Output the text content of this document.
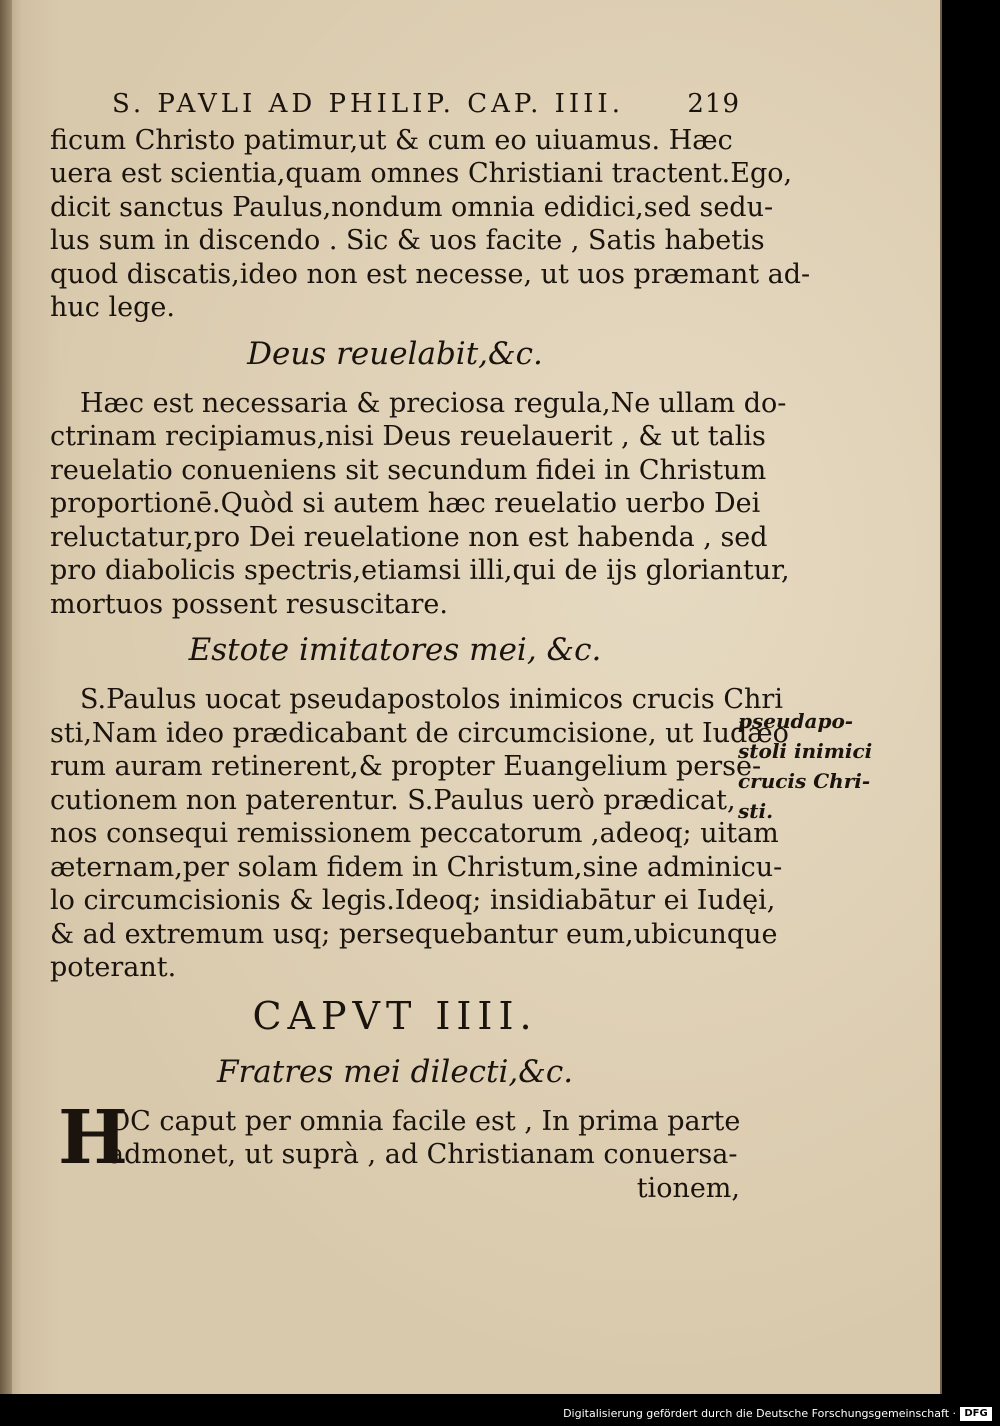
S. PAVLI AD PHILIP. CAP. IIII. 219
ficum Christo patimur,ut & cum eo uiuamus. Hæc
uera est scientia,quam omnes Christiani tractent.Ego,
dicit sanctus Paulus,nondum omnia edidici,sed sedu-
lus sum in discendo . Sic & uos facite , Satis habetis
quod discatis,ideo non est necesse, ut uos præmant ad-
huc lege.
Deus reuelabit,&c.
Hæc est necessaria & preciosa regula,Ne ullam do-
ctrinam recipiamus,nisi Deus reuelauerit , & ut talis
reuelatio conueniens sit secundum fidei in Christum
proportionē.Quòd si autem hæc reuelatio uerbo Dei
reluctatur,pro Dei reuelatione non est habenda , sed
pro diabolicis spectris,etiamsi illi,qui de ijs gloriantur,
mortuos possent resuscitare.
Estote imitatores mei, &c.
S.Paulus uocat pseudapostolos inimicos crucis Chri
sti,Nam ideo prædicabant de circumcisione, ut Iudæo
rum auram retinerent,& propter Euangelium perse-
cutionem non paterentur. S.Paulus uerò prædicat,
nos consequi remissionem peccatorum ,adeoq; uitam
æternam,per solam fidem in Christum,sine adminicu-
lo circumcisionis & legis.Ideoq; insidiabātur ei Iudęi,
& ad extremum usq; persequebantur eum,ubicunque
poterant.
CAPVT IIII.
Fratres mei dilecti,&c.
H
OC caput per omnia facile est , In prima parte
admonet, ut suprà , ad Christianam conuersa-
tionem,
pseudapo-
stoli inimici
crucis Chri-
sti.
Digitalisierung gefördert durch die Deutsche Forschungsgemeinschaft · DFG
